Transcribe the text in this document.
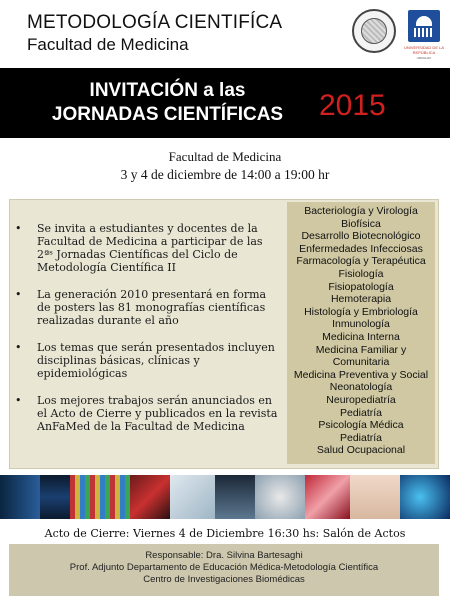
METODOLOGÍA CIENTIFÍCA
Facultad de Medicina	UNIVERSIDAD DE LA REPÚBLICA
URUGUAY
INVITACIÓN a las
JORNADAS CIENTÍFICAS	2015
Facultad de Medicina
3 y 4 de diciembre de 14:00 a 19:00 hr
• Se invita a estudiantes y docentes de la Facultad de Medicina a participar de las 2ªˢ Jornadas Científicas del Ciclo de Metodología Científica II
• La generación 2010 presentará en forma de posters las 81 monografías científicas realizadas durante el año
• Los temas que serán presentados incluyen disciplinas básicas, clínicas y epidemiológicas
• Los mejores trabajos serán anunciados en el Acto de Cierre y publicados en la revista AnFaMed de la Facultad de Medicina
Bacteriología y Virología
Biofísica
Desarrollo Biotecnológico
Enfermedades Infecciosas
Farmacología y Terapéutica
Fisiología
Fisiopatología
Hemoterapia
Histología y Embriología
Inmunología
Medicina Interna
Medicina Familiar y
Comunitaria
Medicina Preventiva y Social
Neonatología
Neuropediatría
Pediatría
Psicología Médica
Pediatría
Salud Ocupacional
Acto de Cierre: Viernes 4 de Diciembre 16:30 hs: Salón de Actos
Responsable: Dra. Silvina Bartesaghi
Prof. Adjunto Departamento de Educación Médica-Metodología Científica
Centro de Investigaciones Biomédicas
